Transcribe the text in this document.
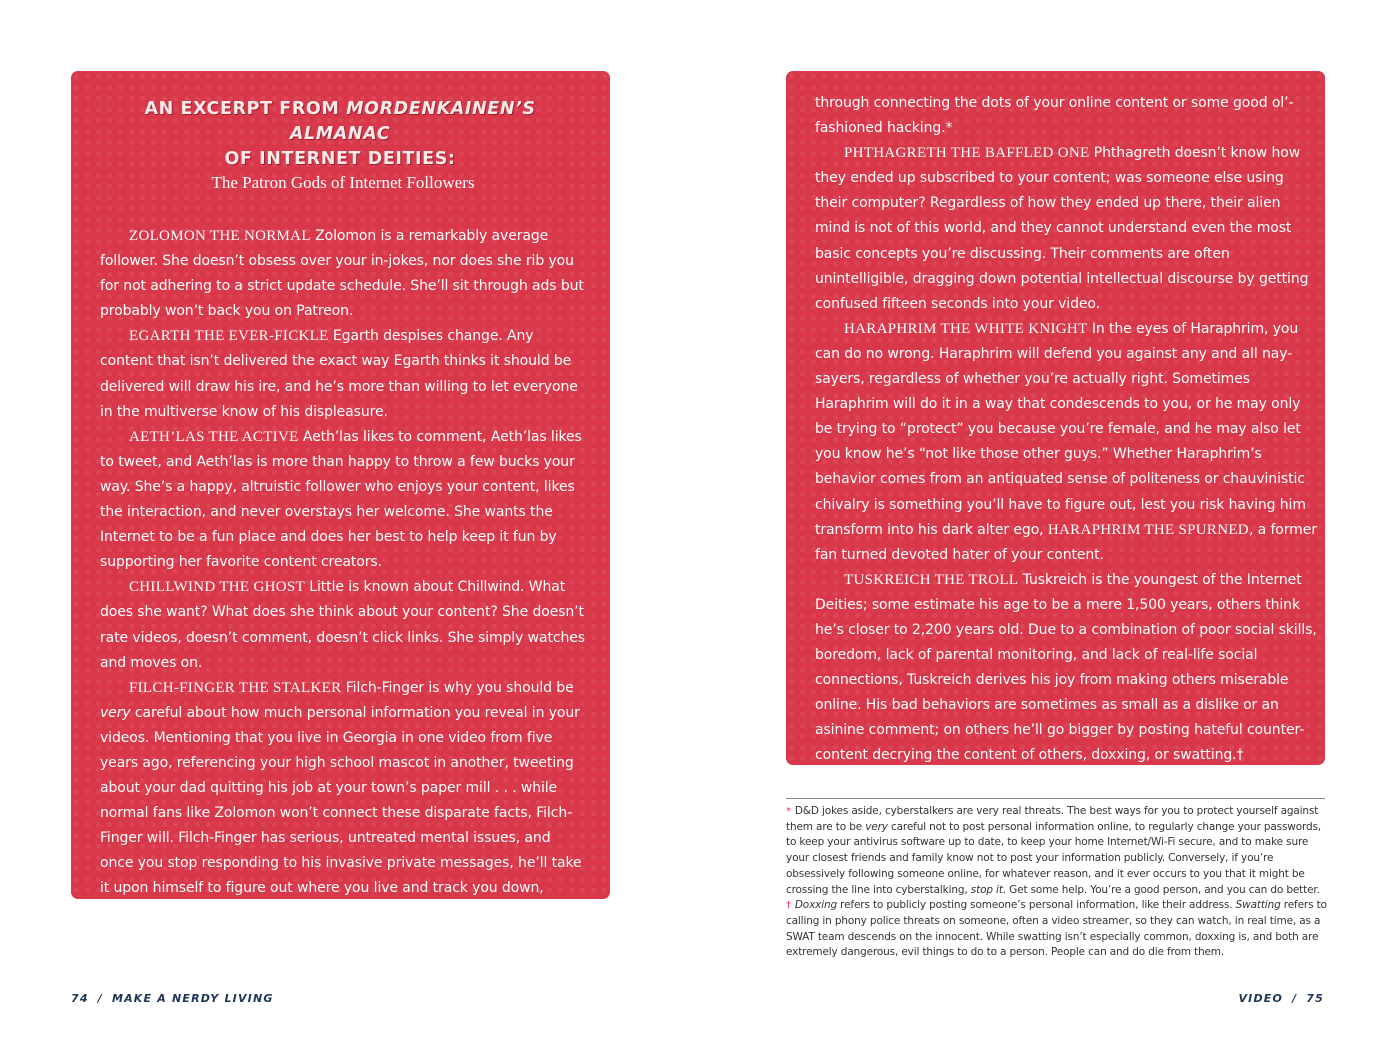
AN EXCERPT FROM MORDENKAINEN’S ALMANAC
OF INTERNET DEITIES:
The Patron Gods of Internet Followers

ZOLOMON THE NORMAL Zolomon is a remarkably average follower. She doesn’t obsess over your in-jokes, nor does she rib you for not adhering to a strict update schedule. She’ll sit through ads but probably won’t back you on Patreon.

EGARTH THE EVER-FICKLE Egarth despises change. Any content that isn’t delivered the exact way Egarth thinks it should be delivered will draw his ire, and he’s more than willing to let everyone in the multiverse know of his displeasure.

AETH’LAS THE ACTIVE Aeth’las likes to comment, Aeth’las likes to tweet, and Aeth’las is more than happy to throw a few bucks your way. She’s a happy, altruistic follower who enjoys your content, likes the interaction, and never overstays her welcome. She wants the Internet to be a fun place and does her best to help keep it fun by supporting her favorite content creators.

CHILLWIND THE GHOST Little is known about Chillwind. What does she want? What does she think about your content? She doesn’t rate videos, doesn’t comment, doesn’t click links. She simply watches and moves on.

FILCH-FINGER THE STALKER Filch-Finger is why you should be very careful about how much personal information you reveal in your videos. Mentioning that you live in Georgia in one video from five years ago, referencing your high school mascot in another, tweeting about your dad quitting his job at your town’s paper mill . . . while normal fans like Zolomon won’t connect these disparate facts, Filch-Finger will. Filch-Finger has serious, untreated mental issues, and once you stop responding to his invasive private messages, he’ll take it upon himself to figure out where you live and track you down, whether it’s

74 / MAKE A NERDY LIVING

through connecting the dots of your online content or some good ol’-fashioned hacking.*

PHTHAGRETH THE BAFFLED ONE Phthagreth doesn’t know how they ended up subscribed to your content; was someone else using their computer? Regardless of how they ended up there, their alien mind is not of this world, and they cannot understand even the most basic concepts you’re discussing. Their comments are often unintelligible, dragging down potential intellectual discourse by getting confused fifteen seconds into your video.

HARAPHRIM THE WHITE KNIGHT In the eyes of Haraphrim, you can do no wrong. Haraphrim will defend you against any and all nay-sayers, regardless of whether you’re actually right. Sometimes Haraphrim will do it in a way that condescends to you, or he may only be trying to “protect” you because you’re female, and he may also let you know he’s “not like those other guys.” Whether Haraphrim’s behavior comes from an antiquated sense of politeness or chauvinistic chivalry is something you’ll have to figure out, lest you risk having him transform into his dark alter ego, HARAPHRIM THE SPURNED, a former fan turned devoted hater of your content.

TUSKREICH THE TROLL Tuskreich is the youngest of the Internet Deities; some estimate his age to be a mere 1,500 years, others think he’s closer to 2,200 years old. Due to a combination of poor social skills, boredom, lack of parental monitoring, and lack of real-life social connections, Tuskreich derives his joy from making others miserable online. His bad behaviors are sometimes as small as a dislike or an asinine comment; on others he’ll go bigger by posting hateful counter-content decrying the content of others, doxxing, or swatting.†

* D&D jokes aside, cyberstalkers are very real threats. The best ways for you to protect yourself against them are to be very careful not to post personal information online, to regularly change your passwords, to keep your antivirus software up to date, to keep your home Internet/Wi-Fi secure, and to make sure your closest friends and family know not to post your information publicly. Conversely, if you’re obsessively following someone online, for whatever reason, and it ever occurs to you that it might be crossing the line into cyberstalking, stop it. Get some help. You’re a good person, and you can do better.

† Doxxing refers to publicly posting someone’s personal information, like their address. Swatting refers to calling in phony police threats on someone, often a video streamer, so they can watch, in real time, as a SWAT team descends on the innocent. While swatting isn’t especially common, doxxing is, and both are extremely dangerous, evil things to do to a person. People can and do die from them.

VIDEO / 75
